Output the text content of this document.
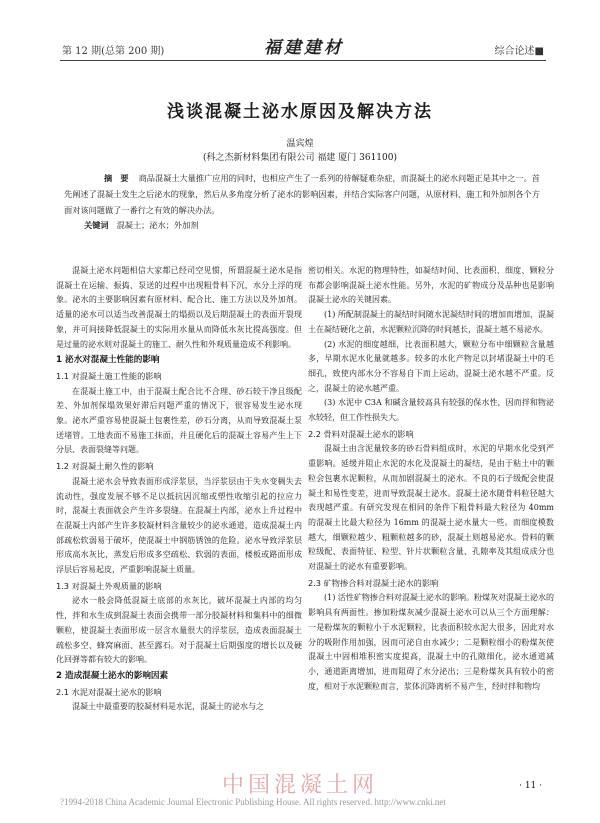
第 12 期(总第 200 期)	福建建材	综合论述■
浅谈混凝土泌水原因及解决方法
温宾煌
(科之杰新材料集团有限公司 福建 厦门 361100)
摘　要 商品混凝土大量推广应用的同时，也相应产生了一系列的待解疑难杂症，而混凝土的泌水问题正是其中之一。首先阐述了混凝土发生之后泌水的现象，然后从多角度分析了泌水的影响因素，并结合实际客户问题，从原材料、施工和外加剂各个方面对该问题做了一番行之有效的解决办法。
关键词 混凝土；泌水；外加剂

混凝土泌水问题相信大家都已经司空见惯，所谓混凝土泌水是指混凝土在运输、振捣、泵送的过程中出现粗骨料下沉，水分上浮的现象。泌水的主要影响因素有原材料、配合比、施工方法以及外加剂。适量的泌水可以适当改善混凝土的塌损以及后期混凝土的表面开裂现象，并可间接降低混凝土的实际用水量从而降低水灰比提高强度。但是过量的泌水则对混凝土的施工、耐久性和外观质量造成不利影响。

1 泌水对混凝土性能的影响
1.1 对混凝土施工性能的影响

在混凝土施工中，由于混凝土配合比不合理、砂石较干净且级配差、外加剂保塌效果好滞后问题严重的情况下，很容易发生泌水现象。泌水严重容易使混凝土包裹性差，砂石分离，从而导致混凝土泵送堵管。工地表面不易施工抹面，并且硬化后的混凝土容易产生上下分层、表面裂缝等问题。

1.2 对混凝土耐久性的影响

混凝土泌水会导致表面形成浮浆层，当浮浆层由于失水变稠失去流动性，强度发展不够不足以抵抗因沉缩或塑性收缩引起的拉应力时，混凝土表面就会产生许多裂缝。在混凝土内部，泌水上升过程中在混凝土内部产生许多胶凝材料含量较少的泌水通道，造成混凝土内部疏松软弱易于破坏，使混凝土中钢筋锈蚀的危险。泌水导致浮浆层形成高水灰比，蒸发后形成多空疏松、软弱的表面，楼板或路面形成浮层后容易起皮，严重影响混凝土质量。

1.3 对混凝土外观质量的影响

泌水一般会降低混凝土底部的水灰比，破坏混凝土内部的均匀性，拌和水生成到混凝土表面会携带一部分胶凝材料和集料中的细微颗粒，使混凝土表面形成一层含水量很大的浮浆层，造成表面混凝土疏松多空、蜂窝麻面、甚至露石。对于混凝土后期强度的增长以及硬化回弹等都有较大的影响。

2 造成混凝土泌水的影响因素
2.1 水泥对混凝土泌水的影响

混凝土中最重要的胶凝材料是水泥，混凝土的泌水与之

密切相关。水泥的物理特性，如凝结时间、比表面积、细度、颗粒分布都会影响混凝土泌水性能。另外，水泥的矿物成分及品种也是影响混凝土泌水的关键因素。

(1) 所配制混凝土的凝结时间随水泥凝结时间的增加而增加，混凝土在凝结硬化之前，水泥颗粒沉降的时间越长，混凝土越不易泌水。

(2) 水泥的细度越细，比表面积越大，颗粒分布中细颗粒含量越多，早期水泥水化量就越多。较多的水化产物足以封堵混凝土中的毛细孔，致使内部水分不容易自下而上运动，混凝土泌水越不严重。反之，混凝土的泌水越严重。

(3) 水泥中 C3A 和碱含量较高具有较强的保水性，因而拌和物泌水较轻，但工作性损失大。

2.2 骨料对混凝土泌水的影响

混凝土由含泥量较多的砂石骨料组成时，水泥的早期水化受到严重影响。延缓并阻止水泥的水化及混凝土的凝结，是由于粘土中的颗粒会包裹水泥颗粒，从而加剧混凝土的泌水。不良的石子级配会使混凝土和易性变差，进而导致混凝土泌水。混凝土泌水随骨料粒径越大表现越严重。有研究发现在相同的条件下粗骨料最大粒径为 40mm 的混凝土比最大粒径为 16mm 的混凝土泌水量大一些。而细度模数越大，细颗粒越少、粗颗粒越多的砂，混凝土则越易泌水。骨料的颗粒级配、表面特征、粒型、针片状颗粒含量、孔隙率及其组成成分也对混凝土的泌水有重要影响。

2.3 矿物掺合料对混凝土泌水的影响

(1) 活性矿物掺合料对混凝土泌水的影响。粉煤灰对混凝土泌水的影响具有两面性。掺加粉煤灰减少混凝土泌水可以从三个方面理解：一是粉煤灰的颗粒小于水泥颗粒，比表面积较水泥大很多，因此对水分的吸附作用加强，因而可泌自由水减少；二是颗粒细小的粉煤灰使混凝土中固相堆积密实度提高，混凝土中的孔隙细化，泌水通道减小，通道距离增加，进而阻碍了水分泌出；三是粉煤灰具有较小的密度，相对于水泥颗粒而言，浆体沉降离析不易产生，经时拌和物均

中国混凝土网	· 11 ·
?1994-2018 China Academic Journal Electronic Publishing House. All rights reserved. http://www.cnki.net
